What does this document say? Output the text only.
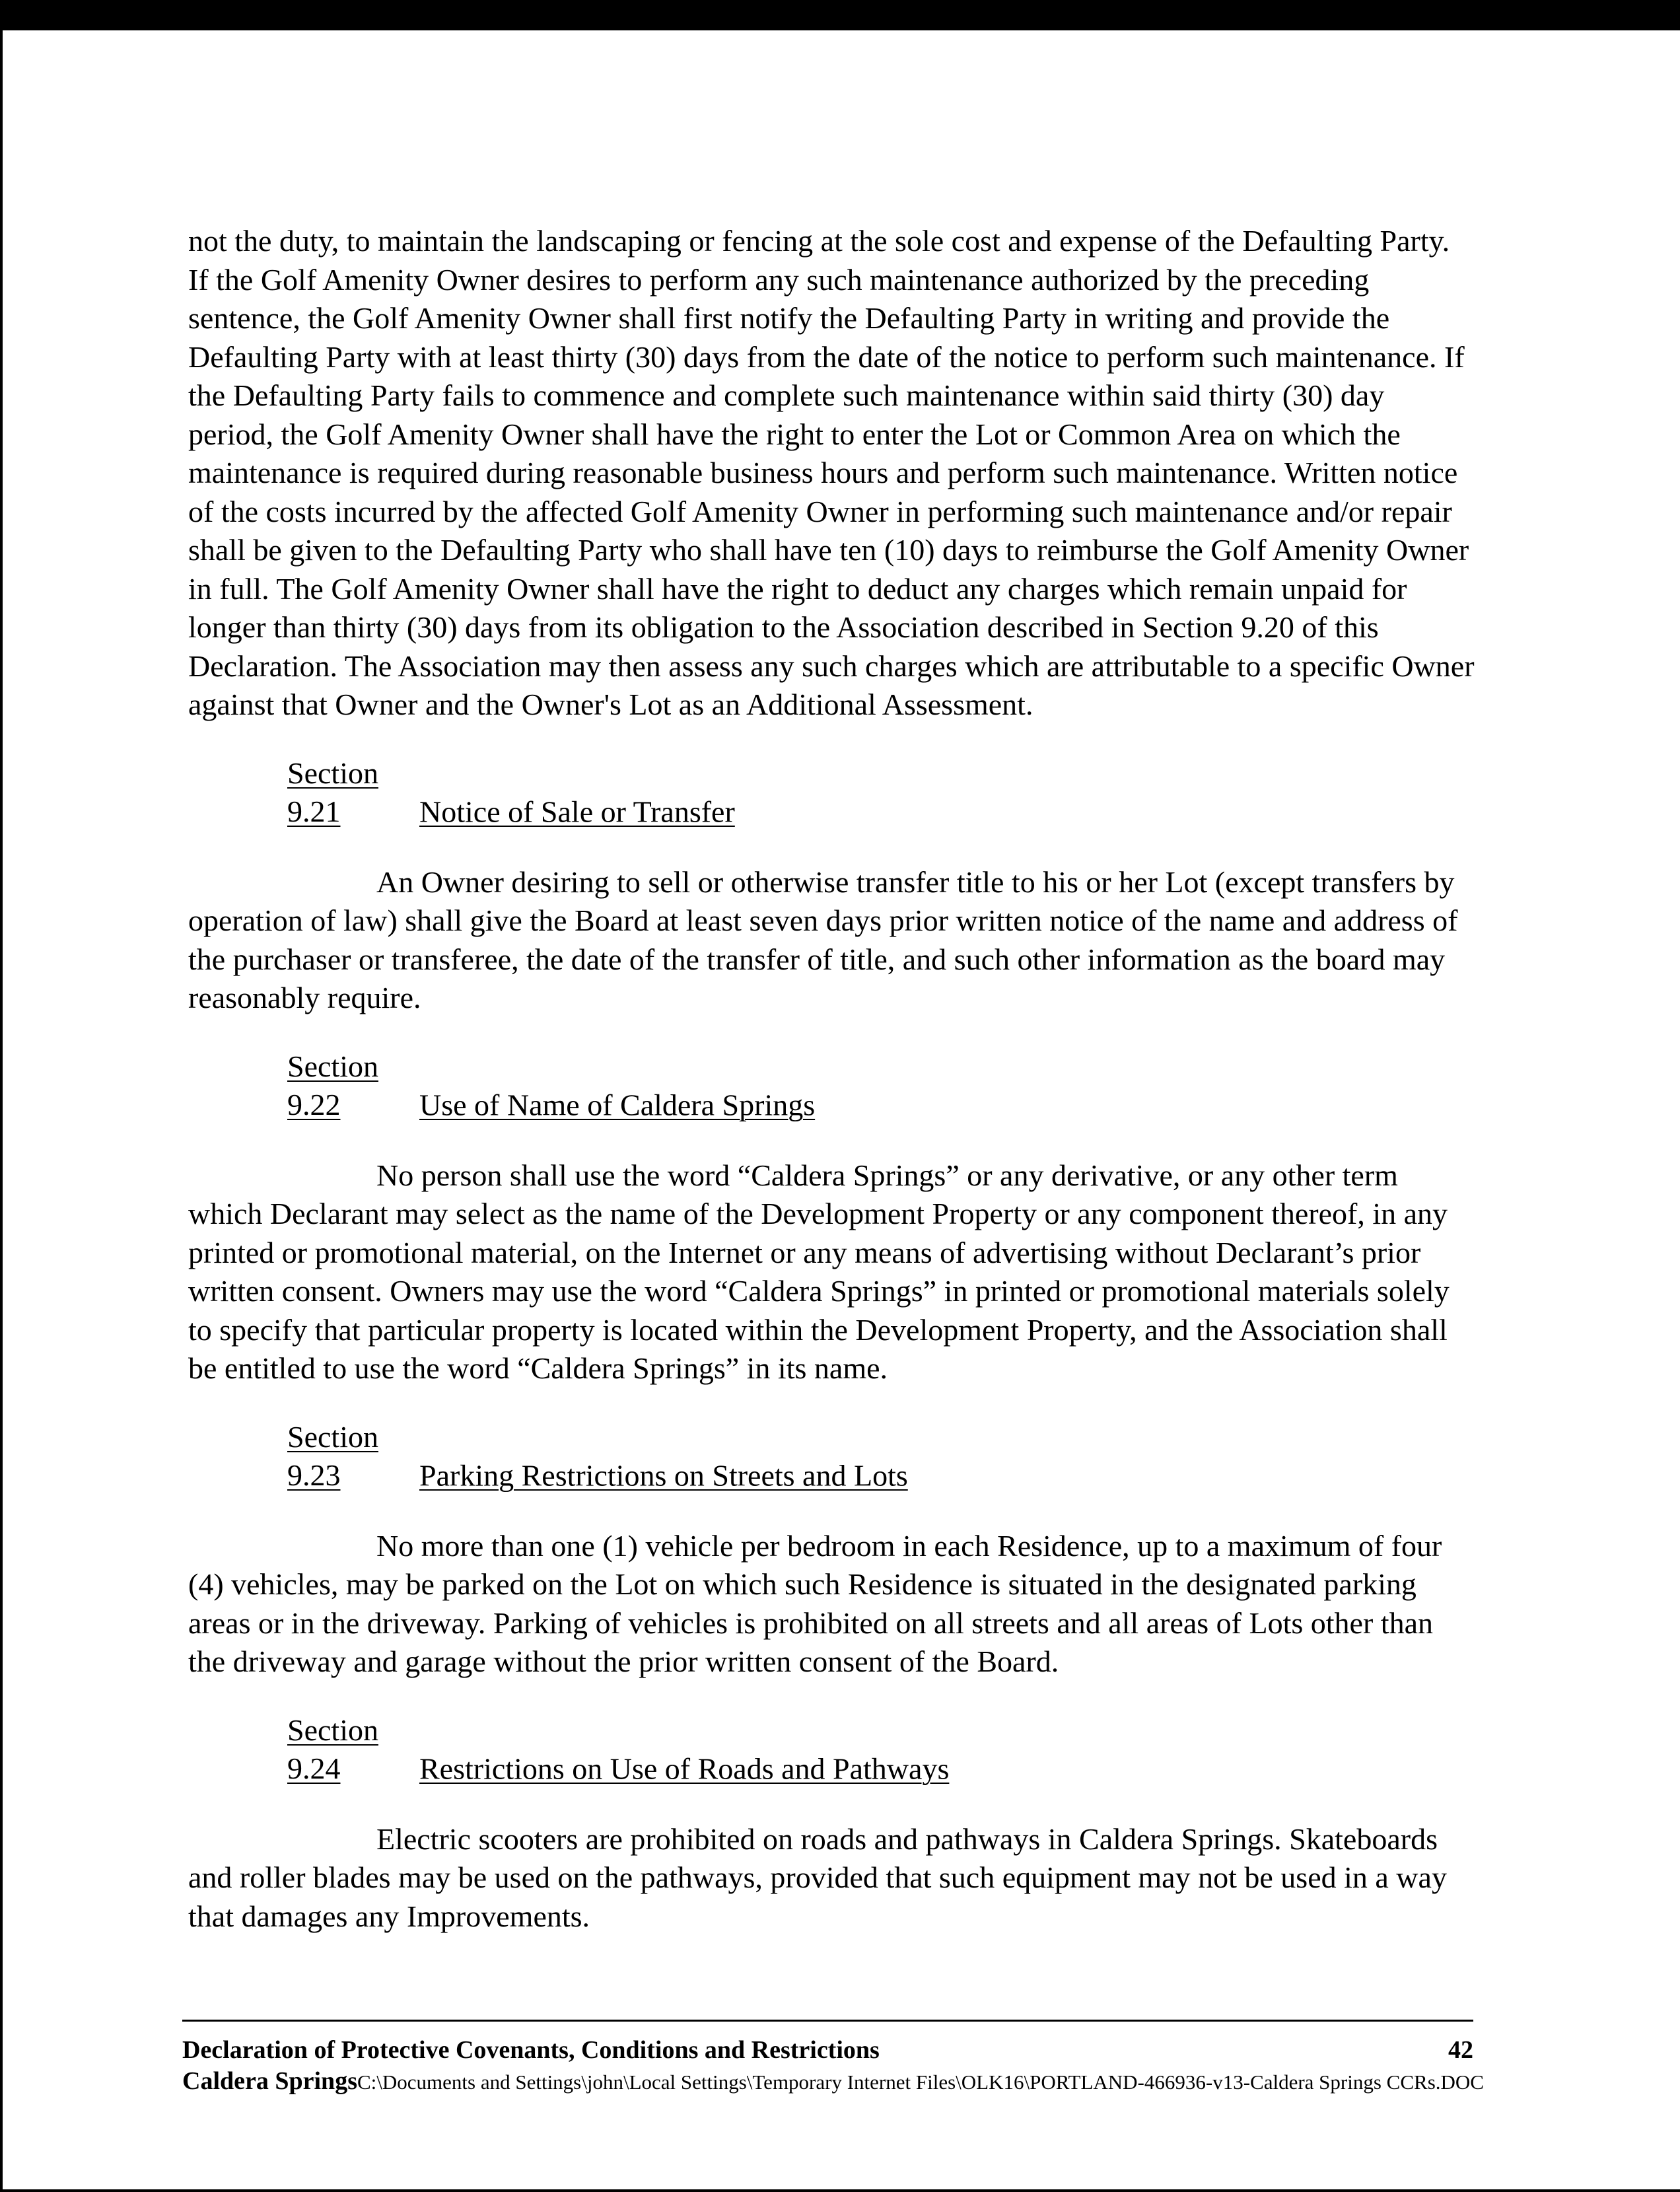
not the duty, to maintain the landscaping or fencing at the sole cost and expense of the Defaulting Party. If the Golf Amenity Owner desires to perform any such maintenance authorized by the preceding sentence, the Golf Amenity Owner shall first notify the Defaulting Party in writing and provide the Defaulting Party with at least thirty (30) days from the date of the notice to perform such maintenance. If the Defaulting Party fails to commence and complete such maintenance within said thirty (30) day period, the Golf Amenity Owner shall have the right to enter the Lot or Common Area on which the maintenance is required during reasonable business hours and perform such maintenance. Written notice of the costs incurred by the affected Golf Amenity Owner in performing such maintenance and/or repair shall be given to the Defaulting Party who shall have ten (10) days to reimburse the Golf Amenity Owner in full. The Golf Amenity Owner shall have the right to deduct any charges which remain unpaid for longer than thirty (30) days from its obligation to the Association described in Section 9.20 of this Declaration. The Association may then assess any such charges which are attributable to a specific Owner against that Owner and the Owner's Lot as an Additional Assessment.

Section 9.21	Notice of Sale or Transfer

An Owner desiring to sell or otherwise transfer title to his or her Lot (except transfers by operation of law) shall give the Board at least seven days prior written notice of the name and address of the purchaser or transferee, the date of the transfer of title, and such other information as the board may reasonably require.

Section 9.22	Use of Name of Caldera Springs

No person shall use the word “Caldera Springs” or any derivative, or any other term which Declarant may select as the name of the Development Property or any component thereof, in any printed or promotional material, on the Internet or any means of advertising without Declarant’s prior written consent. Owners may use the word “Caldera Springs” in printed or promotional materials solely to specify that particular property is located within the Development Property, and the Association shall be entitled to use the word “Caldera Springs” in its name.

Section 9.23	Parking Restrictions on Streets and Lots

No more than one (1) vehicle per bedroom in each Residence, up to a maximum of four (4) vehicles, may be parked on the Lot on which such Residence is situated in the designated parking areas or in the driveway. Parking of vehicles is prohibited on all streets and all areas of Lots other than the driveway and garage without the prior written consent of the Board.

Section 9.24	Restrictions on Use of Roads and Pathways

Electric scooters are prohibited on roads and pathways in Caldera Springs. Skateboards and roller blades may be used on the pathways, provided that such equipment may not be used in a way that damages any Improvements.

Declaration of Protective Covenants, Conditions and Restrictions	42
Caldera SpringsC:\Documents and Settings\john\Local Settings\Temporary Internet Files\OLK16\PORTLAND-466936-v13-Caldera Springs CCRs.DOC
